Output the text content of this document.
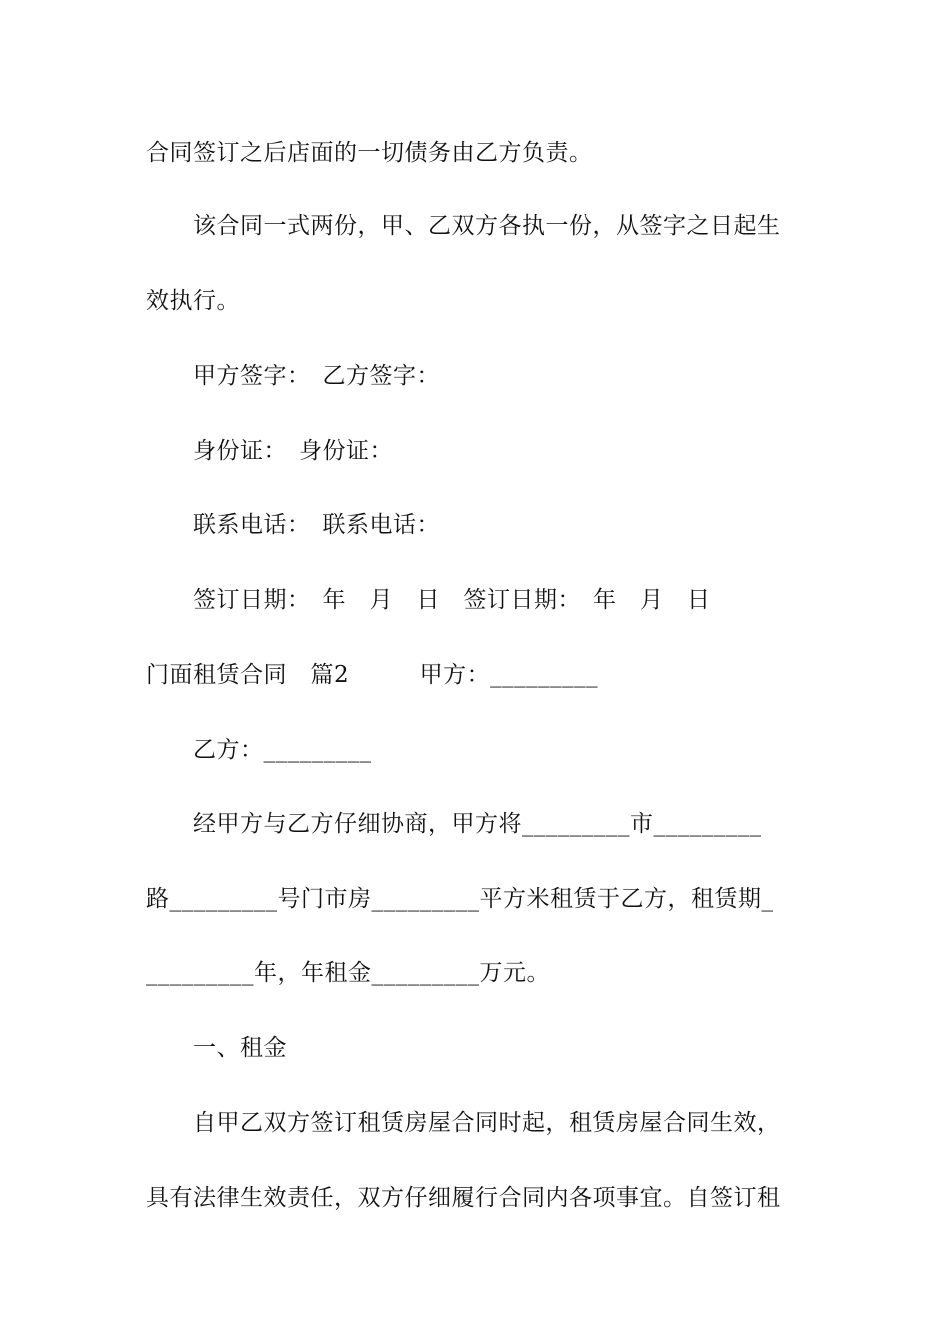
合同签订之后店面的一切债务由乙方负责。
该合同一式两份，甲、乙双方各执一份，从签字之日起生
效执行。
甲方签字：　乙方签字：
身份证：　身份证：
联系电话：　联系电话：
签订日期：　年　月　日　签订日期：　年　月　日
门面租赁合同　篇2　　　甲方：_________
乙方：_________
经甲方与乙方仔细协商，甲方将_________市_________
路_________号门市房_________平方米租赁于乙方，租赁期_
_________年，年租金_________万元。
一、租金
自甲乙双方签订租赁房屋合同时起，租赁房屋合同生效，
具有法律生效责任，双方仔细履行合同内各项事宜。自签订租
